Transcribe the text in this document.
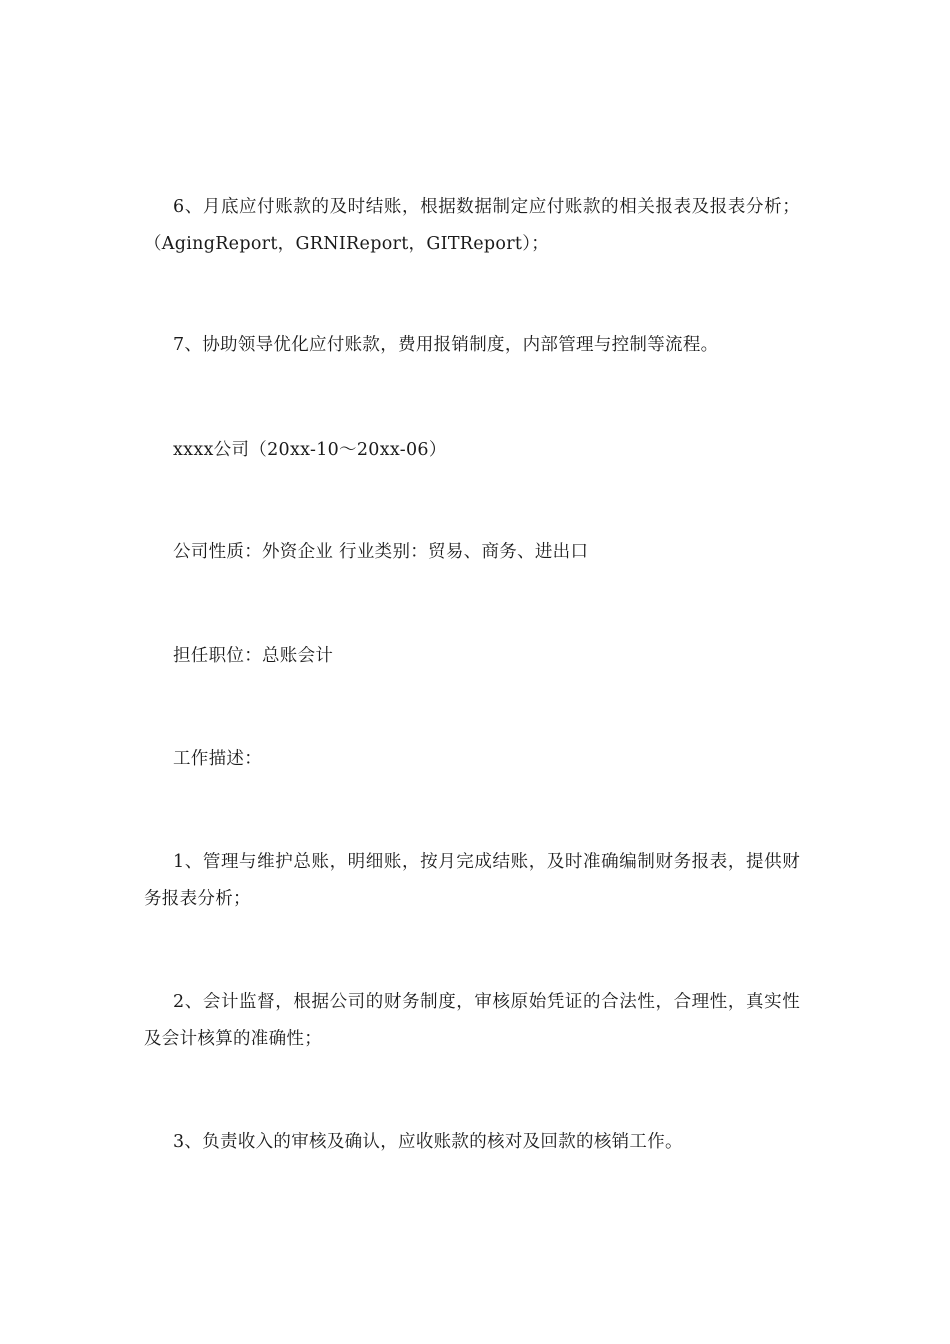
6、月底应付账款的及时结账，根据数据制定应付账款的相关报表及报表分析；（AgingReport，GRNIReport，GITReport）；

7、协助领导优化应付账款，费用报销制度，内部管理与控制等流程。

xxxx公司（20xx-10～20xx-06）

公司性质：外资企业 行业类别：贸易、商务、进出口

担任职位：总账会计

工作描述：

1、管理与维护总账，明细账，按月完成结账，及时准确编制财务报表，提供财务报表分析；

2、会计监督，根据公司的财务制度，审核原始凭证的合法性，合理性，真实性及会计核算的准确性；

3、负责收入的审核及确认，应收账款的核对及回款的核销工作。
